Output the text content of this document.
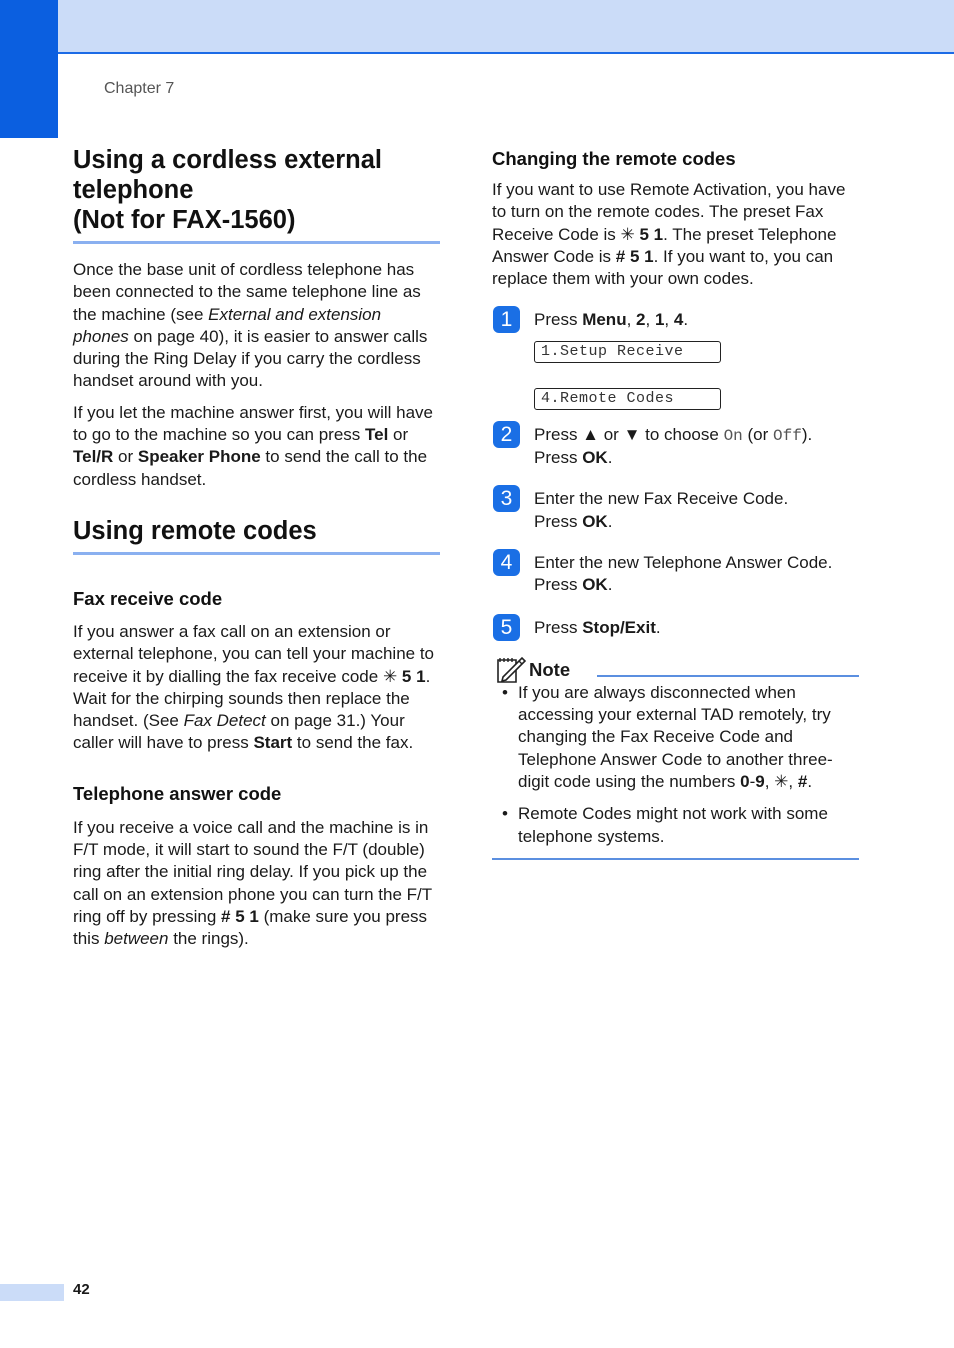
Chapter 7
Using a cordless external
telephone
(Not for FAX-1560)

Once the base unit of cordless telephone has been connected to the same telephone line as the machine (see External and extension phones on page 40), it is easier to answer calls during the Ring Delay if you carry the cordless handset around with you.

If you let the machine answer first, you will have to go to the machine so you can press Tel or Tel/R or Speaker Phone to send the call to the cordless handset.

Using remote codes
Fax receive code

If you answer a fax call on an extension or external telephone, you can tell your machine to receive it by dialling the fax receive code ✳ 5 1. Wait for the chirping sounds then replace the handset. (See Fax Detect on page 31.) Your caller will have to press Start to send the fax.

Telephone answer code

If you receive a voice call and the machine is in F/T mode, it will start to sound the F/T (double) ring after the initial ring delay. If you pick up the call on an extension phone you can turn the F/T ring off by pressing # 5 1 (make sure you press this between the rings).

Changing the remote codes

If you want to use Remote Activation, you have to turn on the remote codes. The preset Fax Receive Code is ✳ 5 1. The preset Telephone Answer Code is # 5 1. If you want to, you can replace them with your own codes.

1	Press Menu, 2, 1, 4.

1.Setup Receive
4.Remote Codes
2	Press ▲ or ▼ to choose On (or Off).
Press OK.

3	Enter the new Fax Receive Code.
Press OK.

4	Enter the new Telephone Answer Code.
Press OK.

5	Press Stop/Exit.

Note
• If you are always disconnected when accessing your external TAD remotely, try changing the Fax Receive Code and Telephone Answer Code to another three-digit code using the numbers 0-9, ✳, #.
• Remote Codes might not work with some telephone systems.
42
